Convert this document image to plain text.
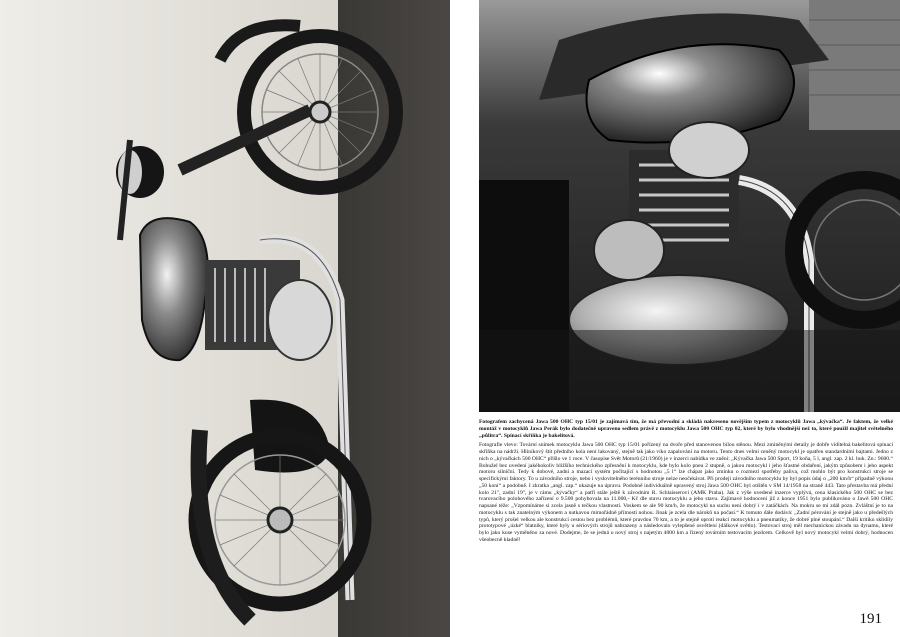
Fotografem zachycená Jawa 500 OHC typ 15/01 je zajímavá tím, že má převodní a skládá nakreseno novějším typem z motocyklů Jawa „kývačka“. Je faktem, že velké montáž v motocyklů Jawa Perák bylo dodatečně upraveno sedlem právě z motocyklu Jawa 500 OHC typ 02, které by bylo vhodnější než to, které použil majitel světelného „půlitra“. Spínací skříňka je bakelitová.

Fotografie vlevo: Tovární snímek motocyklu Jawa 500 OHC typ 15/01 pořízený na dvoře před stanovenou bílou stěnou. Mezi zmíněnými detaily je dobře viditelná bakelitová spínací skříňka na nádrži. Hliníkový štít předního kola není lakovaný, stejně tak jako víko zapalování na motoru. Tento dnes velmi ceněný motocykl je opatřen standardními bajtami. Jedno z nich o „kývačkách 500 OHC“ přišlo ve 1 roce. V časopise Svět Motorů (21/1960) je v inzerci nabídka ve znění: „Kývačka Jawa 500 Sport, 19 koňa, 5 l, angl. zap. 2 kl. buk. Zn.: 9600.“ Bohužel bez uvedení jakéhokoliv bližšího technického zpřesnění k motocyklu, kde bylo kolo pneu 2 stupně, o jakou motocykl i jeho šťastné obdaření, jakým způsobem i jeho aspekt motoru silniční. Tedy k dobové, zadní a mazací systém počítající s hodnotou „5 l“ lze chápat jako zmínku o rozmezí spotřeby paliva, což mohlo být pro konstrukci stroje se specifickými faktory. To u závodního stroje, nebo i vyslovitelného terénního stroje nelze neočekávat. Při prodeji závodního motocyklu by byl popis údaj o „200 km/h“ případně výkonu „50 koní“ a podobně. I zkratka „angl. zap.“ ukazuje na úpravu. Podobně individuálně upravený stroj Jawa 500 OHC byl otištěn v SM 14/1958 na straně 443. Tato přestavba má přední kolo 21", zadní 19", je v rámu „kývačky“ a patří stále ještě k závodním R. Schlaisserovi (AMK Praha). Jak z výše uvedené inzerce vyplývá, cena klasického 500 OHC se bez tvarovacího polohového zařízení o 9.500 pohybovala na 11.000,- Kč dle stavu motocyklu a jeho stavu. Zajímavé hodnocení již z konce 1951 bylo publikováno o Jawě 500 OHC napsané téže: „Vzpomínáme si zcela jasně s tečkou vlastností. Voskem se ale 90 km/h, že motocykl na suchu není dobrý i v zatáčkách. Na mokru se mi zdál pozn. Zvláštní je to na motocyklu s tak znatelným výkonem a nutkavou mimořádně přímostí nohou. Jinak je zcela dle nároků na počasí.“ K tomuto dále dodává: „Zadní pérování je stejně jako u předešlých typů, který prošel velkou ale konstrukcí cestou bez problémů, které pravdou 70 km, a to je stejně oproti reakcí motocyklu a pneumatiky, že dobré plné stoupání.“ Další kritiku sklidily prototypové „úzké“ blatníky, které byly u sériových strojů nahrazeny a následovalo vylepšené osvětlení (dálkové světlo). Testovací stroj měl mechanickou závadu na dynamu, které bylo jako kuse vyměněno za nové. Dodejme, že se jedná o nový stroj s najetým 4000 km a řízený továrním testovacím jezdcem. Celkově byl nový motocykl velmi dobrý, hodnocen všeobecně kladně!

191
